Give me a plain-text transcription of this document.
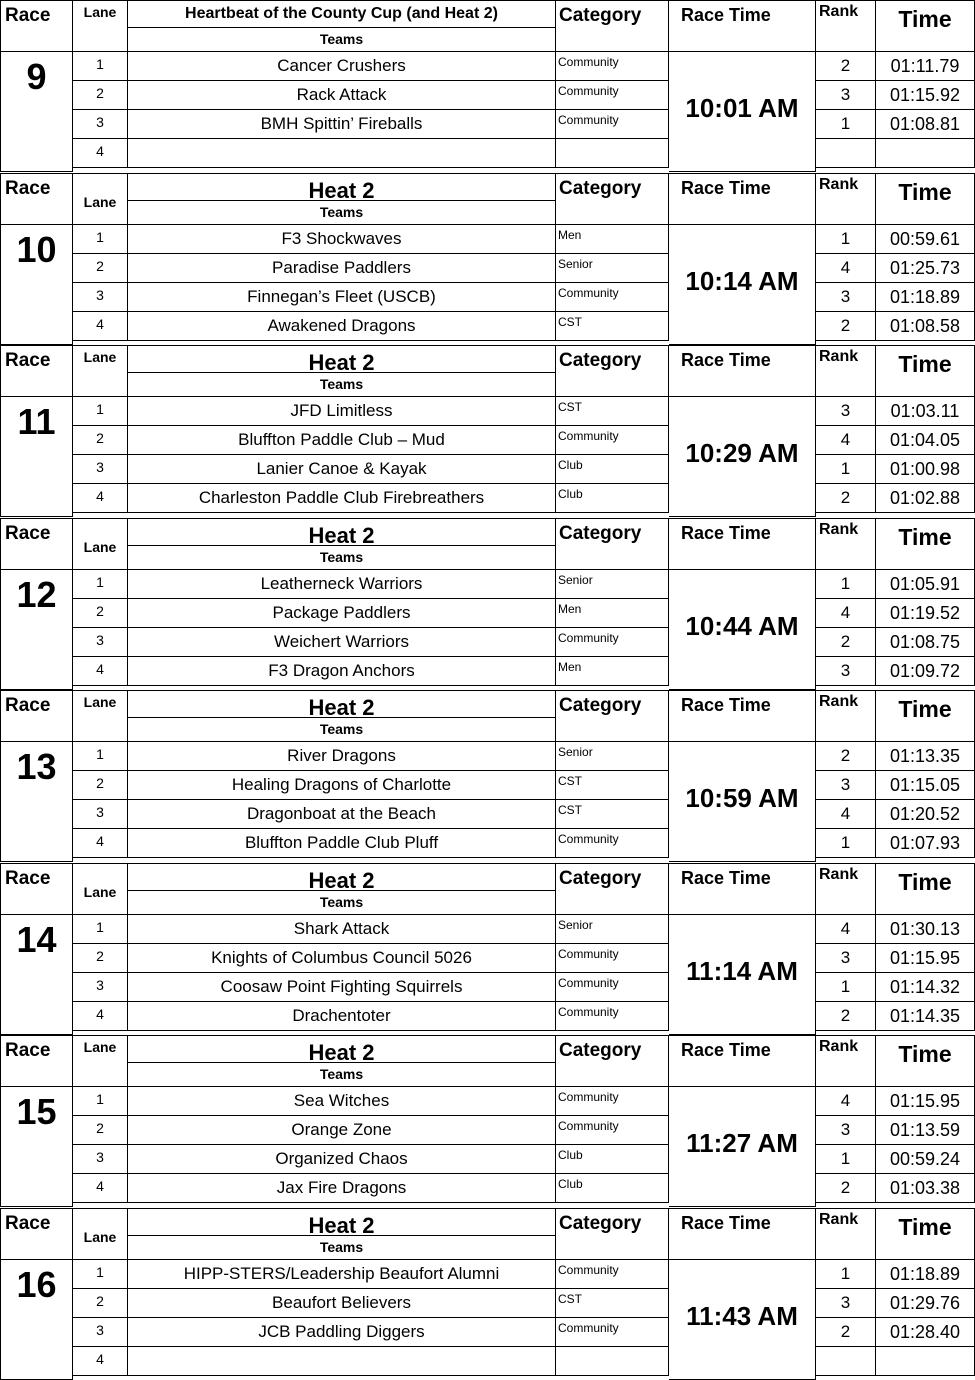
Race	Lane	Heartbeat of the County Cup (and Heat 2)
Teams
Category	Race Time	Rank	Time
9
10:01 AM
1	Cancer Crushers	Community	2	01:11.79
2	Rack Attack	Community	3	01:15.92
3	BMH Spittin’ Fireballs	Community	1	01:08.81
4
Race
Lane	Heat 2
Teams
Category	Race Time	Rank	Time
10
10:14 AM
1	F3 Shockwaves	Men	1	00:59.61
2	Paradise Paddlers	Senior	4	01:25.73
3	Finnegan’s Fleet (USCB)	Community	3	01:18.89
4	Awakened Dragons	CST	2	01:08.58
Race	Lane	Heat 2
Teams
Category	Race Time	Rank	Time
11
10:29 AM
1	JFD Limitless	CST	3	01:03.11
2	Bluffton Paddle Club – Mud	Community	4	01:04.05
3	Lanier Canoe & Kayak	Club	1	01:00.98
4	Charleston Paddle Club Firebreathers	Club	2	01:02.88
Race
Lane	Heat 2
Teams
Category	Race Time	Rank	Time
12
10:44 AM
1	Leatherneck Warriors	Senior	1	01:05.91
2	Package Paddlers	Men	4	01:19.52
3	Weichert Warriors	Community	2	01:08.75
4	F3 Dragon Anchors	Men	3	01:09.72
Race	Lane	Heat 2
Teams
Category	Race Time	Rank	Time
13
10:59 AM
1	River Dragons	Senior	2	01:13.35
2	Healing Dragons of Charlotte	CST	3	01:15.05
3	Dragonboat at the Beach	CST	4	01:20.52
4	Bluffton Paddle Club Pluff	Community	1	01:07.93
Race
Lane	Heat 2
Teams
Category	Race Time	Rank	Time
14
11:14 AM
1	Shark Attack	Senior	4	01:30.13
2	Knights of Columbus Council 5026	Community	3	01:15.95
3	Coosaw Point Fighting Squirrels	Community	1	01:14.32
4	Drachentoter	Community	2	01:14.35
Race	Lane	Heat 2
Teams
Category	Race Time	Rank	Time
15
11:27 AM
1	Sea Witches	Community	4	01:15.95
2	Orange Zone	Community	3	01:13.59
3	Organized Chaos	Club	1	00:59.24
4	Jax Fire Dragons	Club	2	01:03.38
Race
Lane	Heat 2
Teams
Category	Race Time	Rank	Time
16
11:43 AM
1	HIPP-STERS/Leadership Beaufort Alumni	Community	1	01:18.89
2	Beaufort Believers	CST	3	01:29.76
3	JCB Paddling Diggers	Community	2	01:28.40
4
